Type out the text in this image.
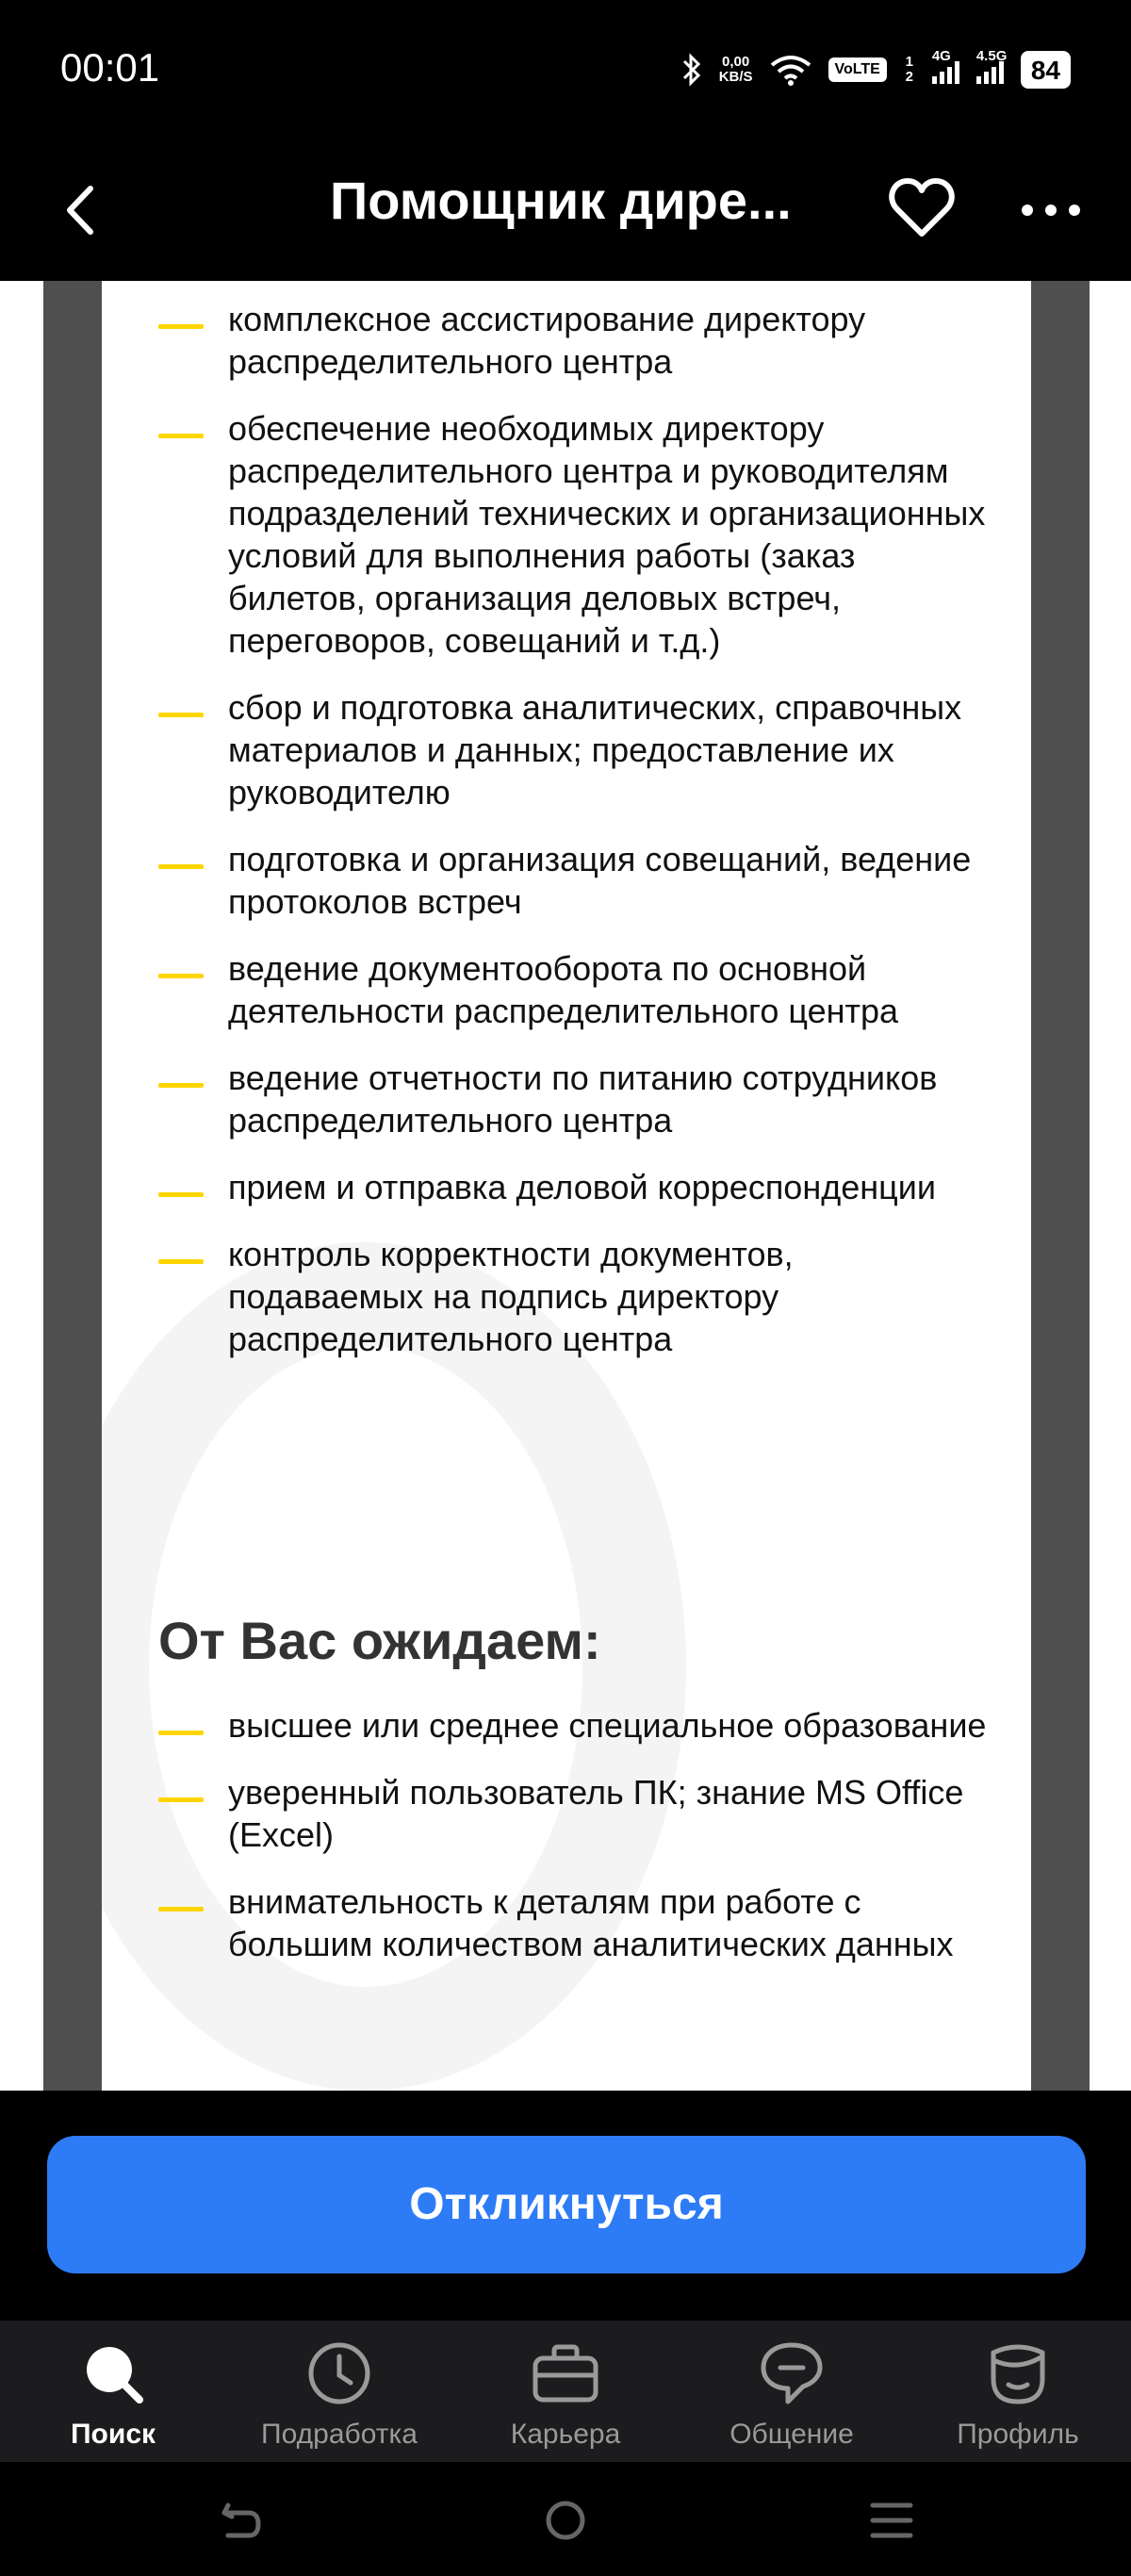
00:01	0,00
KB/S	VoLTE	1 2
4G 4.5G 84
Помощник дире...
комплексное ассистирование директору распределительного центра
обеспечение необходимых директору распределительного центра и руководителям подразделений технических и организационных условий для выполнения работы (заказ билетов, организация деловых встреч, переговоров, совещаний и т.д.)
сбор и подготовка аналитических, справочных материалов и данных; предоставление их руководителю
подготовка и организация совещаний, ведение протоколов встреч
ведение документооборота по основной деятельности распределительного центра
ведение отчетности по питанию сотрудников распределительного центра
прием и отправка деловой корреспонденции
контроль корректности документов, подаваемых на подпись директору распределительного центра
От Вас ожидаем:
высшее или среднее специальное образование
уверенный пользователь ПК; знание MS Office (Excel)
внимательность к деталям при работе с большим количеством аналитических данных
Откликнуться
Поиск	Подработка	Карьера	Общение	Профиль
